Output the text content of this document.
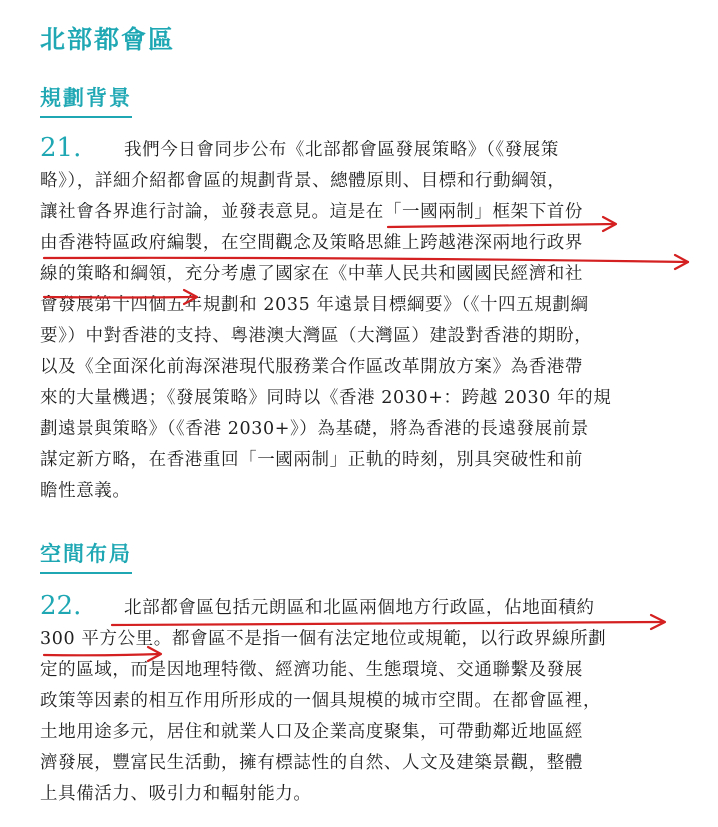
北部都會區
規劃背景
21.	我們今日會同步公布《北部都會區發展策略》（《發展策
略》），詳細介紹都會區的規劃背景、總體原則、目標和行動綱領，
讓社會各界進行討論，並發表意見。這是在「一國兩制」框架下首份
由香港特區政府編製，在空間觀念及策略思維上跨越港深兩地行政界
線的策略和綱領，充分考慮了國家在《中華人民共和國國民經濟和社
會發展第十四個五年規劃和 2035 年遠景目標綱要》（《十四五規劃綱
要》）中對香港的支持、粵港澳大灣區（大灣區）建設對香港的期盼，
以及《全面深化前海深港現代服務業合作區改革開放方案》為香港帶
來的大量機遇；《發展策略》同時以《香港 2030+：跨越 2030 年的規
劃遠景與策略》（《香港 2030+》）為基礎，將為香港的長遠發展前景
謀定新方略，在香港重回「一國兩制」正軌的時刻，別具突破性和前
瞻性意義。
空間布局
22.	北部都會區包括元朗區和北區兩個地方行政區，佔地面積約
300 平方公里。都會區不是指一個有法定地位或規範，以行政界線所劃
定的區域，而是因地理特徵、經濟功能、生態環境、交通聯繫及發展
政策等因素的相互作用所形成的一個具規模的城市空間。在都會區裡，
土地用途多元，居住和就業人口及企業高度聚集，可帶動鄰近地區經
濟發展，豐富民生活動，擁有標誌性的自然、人文及建築景觀，整體
上具備活力、吸引力和輻射能力。
